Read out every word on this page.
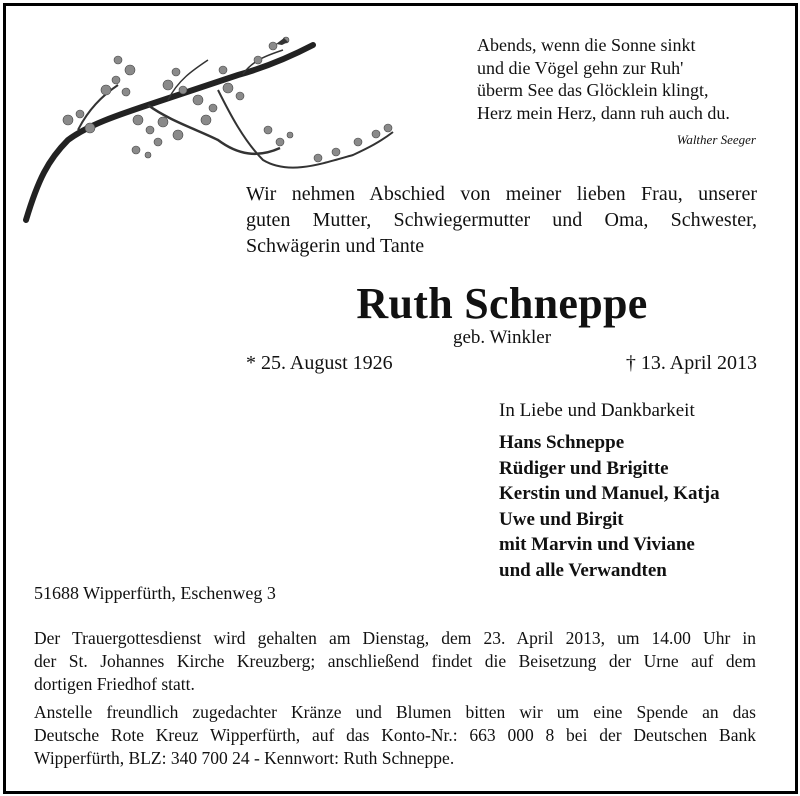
Abends, wenn die Sonne sinkt
und die Vögel gehn zur Ruh'
überm See das Glöcklein klingt,
Herz mein Herz, dann ruh auch du.
Walther Seeger
Wir nehmen Abschied von meiner lieben Frau, unserer
guten Mutter, Schwiegermutter und Oma, Schwester,
Schwägerin und Tante
Ruth Schneppe
geb. Winkler
* 25. August 1926	† 13. April 2013
In Liebe und Dankbarkeit
Hans Schneppe
Rüdiger und Brigitte
Kerstin und Manuel, Katja
Uwe und Birgit
mit Marvin und Viviane
und alle Verwandten
51688 Wipperfürth, Eschenweg 3
Der Trauergottesdienst wird gehalten am Dienstag, dem 23. April 2013, um 14.00 Uhr in
der St. Johannes Kirche Kreuzberg; anschließend findet die Beisetzung der Urne auf dem
dortigen Friedhof statt.
Anstelle freundlich zugedachter Kränze und Blumen bitten wir um eine Spende an das
Deutsche Rote Kreuz Wipperfürth, auf das Konto-Nr.: 663 000 8 bei der Deutschen Bank
Wipperfürth, BLZ: 340 700 24 - Kennwort: Ruth Schneppe.
